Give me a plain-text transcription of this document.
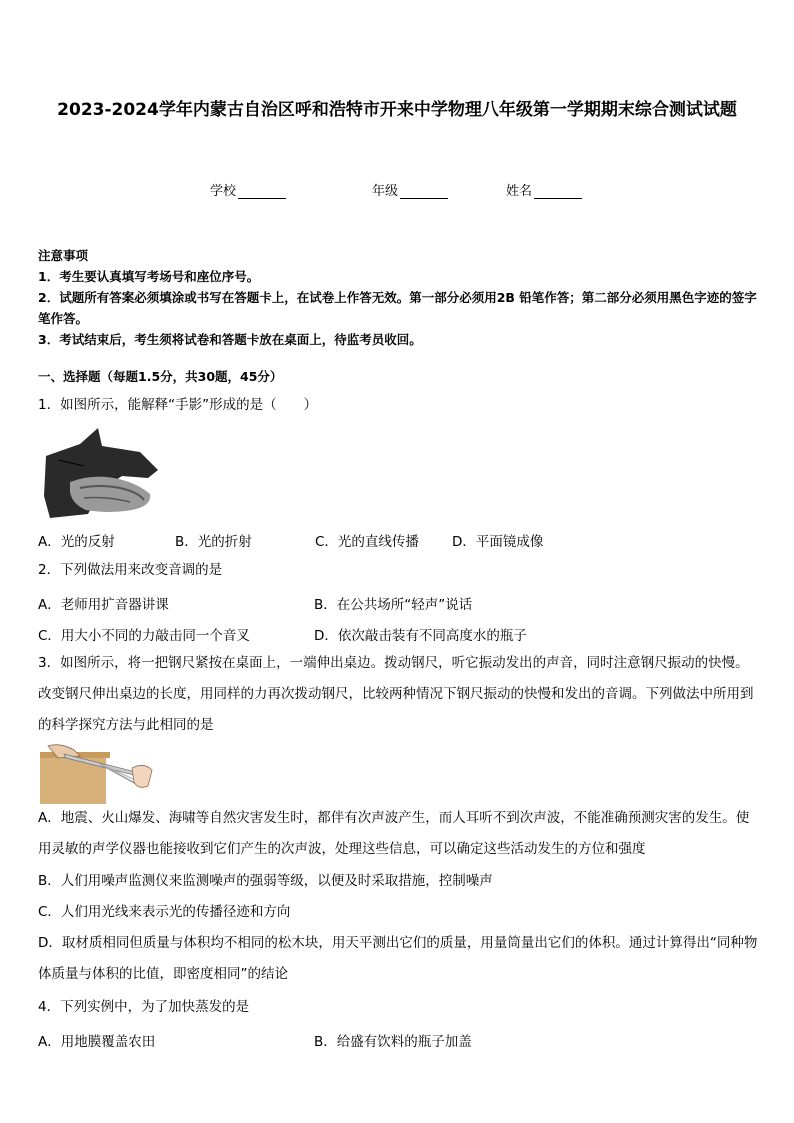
2023-2024学年内蒙古自治区呼和浩特市开来中学物理八年级第一学期期末综合测试试题
学校	年级	姓名
注意事项
1．考生要认真填写考场号和座位序号。
2．试题所有答案必须填涂或书写在答题卡上，在试卷上作答无效。第一部分必须用2B 铅笔作答；第二部分必须用黑色字迹的签字笔作答。
3．考试结束后，考生须将试卷和答题卡放在桌面上，待监考员收回。
一、选择题（每题1.5分，共30题，45分）
1．如图所示，能解释“手影”形成的是（　　）
A．光的反射	B．光的折射	C．光的直线传播 D．平面镜成像
2．下列做法用来改变音调的是
A．老师用扩音器讲课	B．在公共场所“轻声”说话
C．用大小不同的力敲击同一个音叉	D．依次敲击装有不同高度水的瓶子
3．如图所示，将一把钢尺紧按在桌面上，一端伸出桌边。拨动钢尺，听它振动发出的声音，同时注意钢尺振动的快慢。改变钢尺伸出桌边的长度，用同样的力再次拨动钢尺，比较两种情况下钢尺振动的快慢和发出的音调。下列做法中所用到的科学探究方法与此相同的是
A．地震、火山爆发、海啸等自然灾害发生时，都伴有次声波产生，而人耳听不到次声波，不能准确预测灾害的发生。使用灵敏的声学仪器也能接收到它们产生的次声波，处理这些信息，可以确定这些活动发生的方位和强度
B．人们用噪声监测仪来监测噪声的强弱等级，以便及时采取措施，控制噪声
C．人们用光线来表示光的传播径迹和方向
D．取材质相同但质量与体积均不相同的松木块，用天平测出它们的质量，用量筒量出它们的体积。通过计算得出“同种物体质量与体积的比值，即密度相同”的结论
4．下列实例中，为了加快蒸发的是
A．用地膜覆盖农田	B．给盛有饮料的瓶子加盖
